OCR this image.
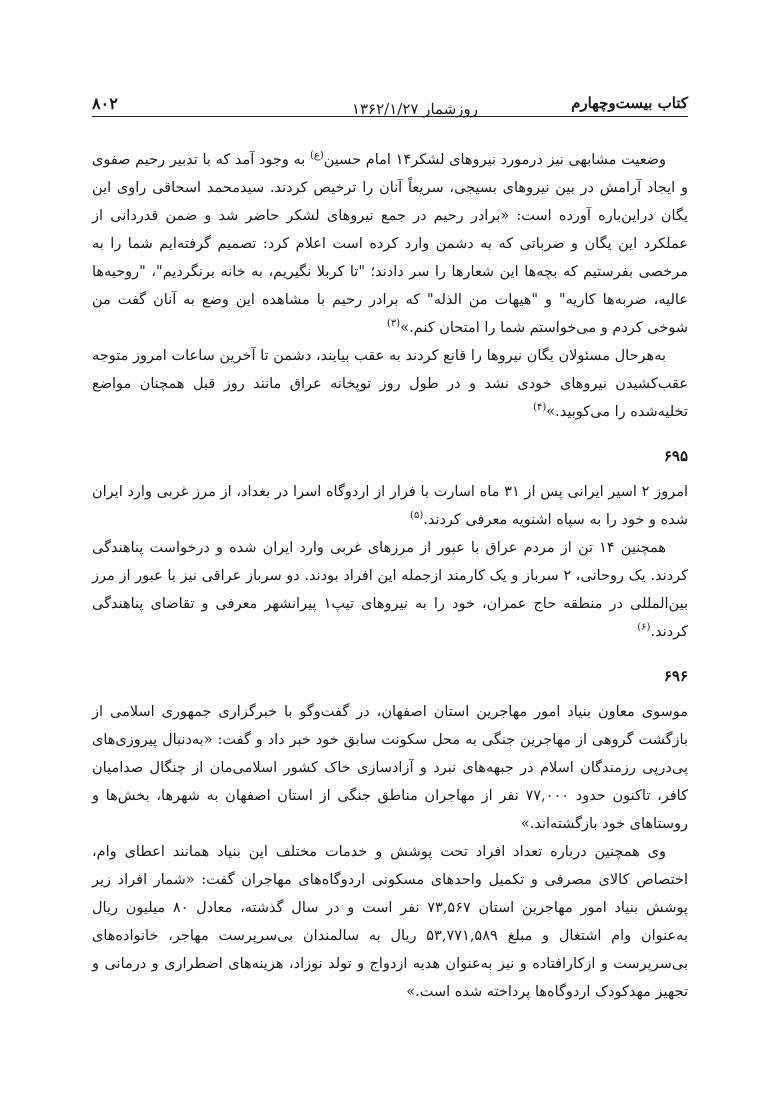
کتاب بیست‌وچهارم
روزشمار ۱۳۶۲/۱/۲۷
۸۰۲

وضعیت مشابهی نیز درمورد نیروهای لشکر۱۴ امام حسین$^{(ع)}$ به وجود آمد که با تدبیر رحیم صفوی و ایجاد آرامش در بین نیروهای بسیجی، سریعاً آنان را ترخیص کردند. سیدمحمد اسحاقی راوی این یگان دراین‌باره آورده است: «برادر رحیم در جمع نیروهای لشکر حاضر شد و ضمن قدردانی از عملکرد این یگان و ضرباتی که به دشمن وارد کرده است اعلام کرد: تصمیم گرفته‌ایم شما را به مرخصی بفرستیم که بچه‌ها این شعارها را سر دادند؛ "تا کربلا نگیریم، به خانه برنگردیم"، "روحیه‌ها عالیه، ضربه‌ها کاریه" و "هیهات من الذله" که برادر رحیم با مشاهده این وضع به آنان گفت من شوخی کردم و می‌خواستم شما را امتحان کنم.»$^{(۳)}$

به‌هرحال مسئولان یگان نیروها را قانع کردند به عقب بیایند، دشمن تا آخرین ساعات امروز متوجه عقب‌کشیدن نیروهای خودی نشد و در طول روز توپخانه عراق مانند روز قبل همچنان مواضع تخلیه‌شده را می‌کوبید.»$^{(۴)}$

۶۹۵

امروز ۲ اسیر ایرانی پس از ۳۱ ماه اسارت با فرار از اردوگاه اسرا در بغداد، از مرز غربی وارد ایران شده و خود را به سپاه اشنویه معرفی کردند.$^{(۵)}$

همچنین ۱۴ تن از مردم عراق با عبور از مرزهای غربی وارد ایران شده و درخواست پناهندگی کردند. یک روحانی، ۲ سرباز و یک کارمند ازجمله این افراد بودند. دو سرباز عراقی نیز با عبور از مرز بین‌المللی در منطقه حاج عمران، خود را به نیروهای تیپ۱ پیرانشهر معرفی و تقاضای پناهندگی کردند.$^{(۶)}$

۶۹۶

موسوی معاون بنیاد امور مهاجرین استان اصفهان، در گفت‌وگو با خبرگزاری جمهوری اسلامی از بازگشت گروهی از مهاجرین جنگی به محل سکونت سابق خود خبر داد و گفت: «به‌دنبال پیروزی‌های پی‌درپی رزمندگان اسلام در جبهه‌های نبرد و آزادسازی خاک کشور اسلامی‌مان از چنگال صدامیان کافر، تاکنون حدود ۷۷,۰۰۰ نفر از مهاجران مناطق جنگی از استان اصفهان به شهرها، بخش‌ها و روستاهای خود بازگشته‌اند.»

وی همچنین درباره تعداد افراد تحت پوشش و خدمات مختلف این بنیاد همانند اعطای وام، اختصاص کالای مصرفی و تکمیل واحدهای مسکونی اردوگاه‌های مهاجران گفت: «شمار افراد زیر پوشش بنیاد امور مهاجرین استان ۷۳,۵۶۷ نفر است و در سال گذشته، معادل ۸۰ میلیون ریال به‌عنوان وام اشتغال و مبلغ ۵۳,۷۷۱,۵۸۹ ریال به سالمندان بی‌سرپرست مهاجر، خانواده‌های بی‌سرپرست و ازکارافتاده و نیز به‌عنوان هدیه ازدواج و تولد نوزاد، هزینه‌های اضطراری و درمانی و تجهیز مهدکودک اردوگاه‌ها پرداخته شده است.»
